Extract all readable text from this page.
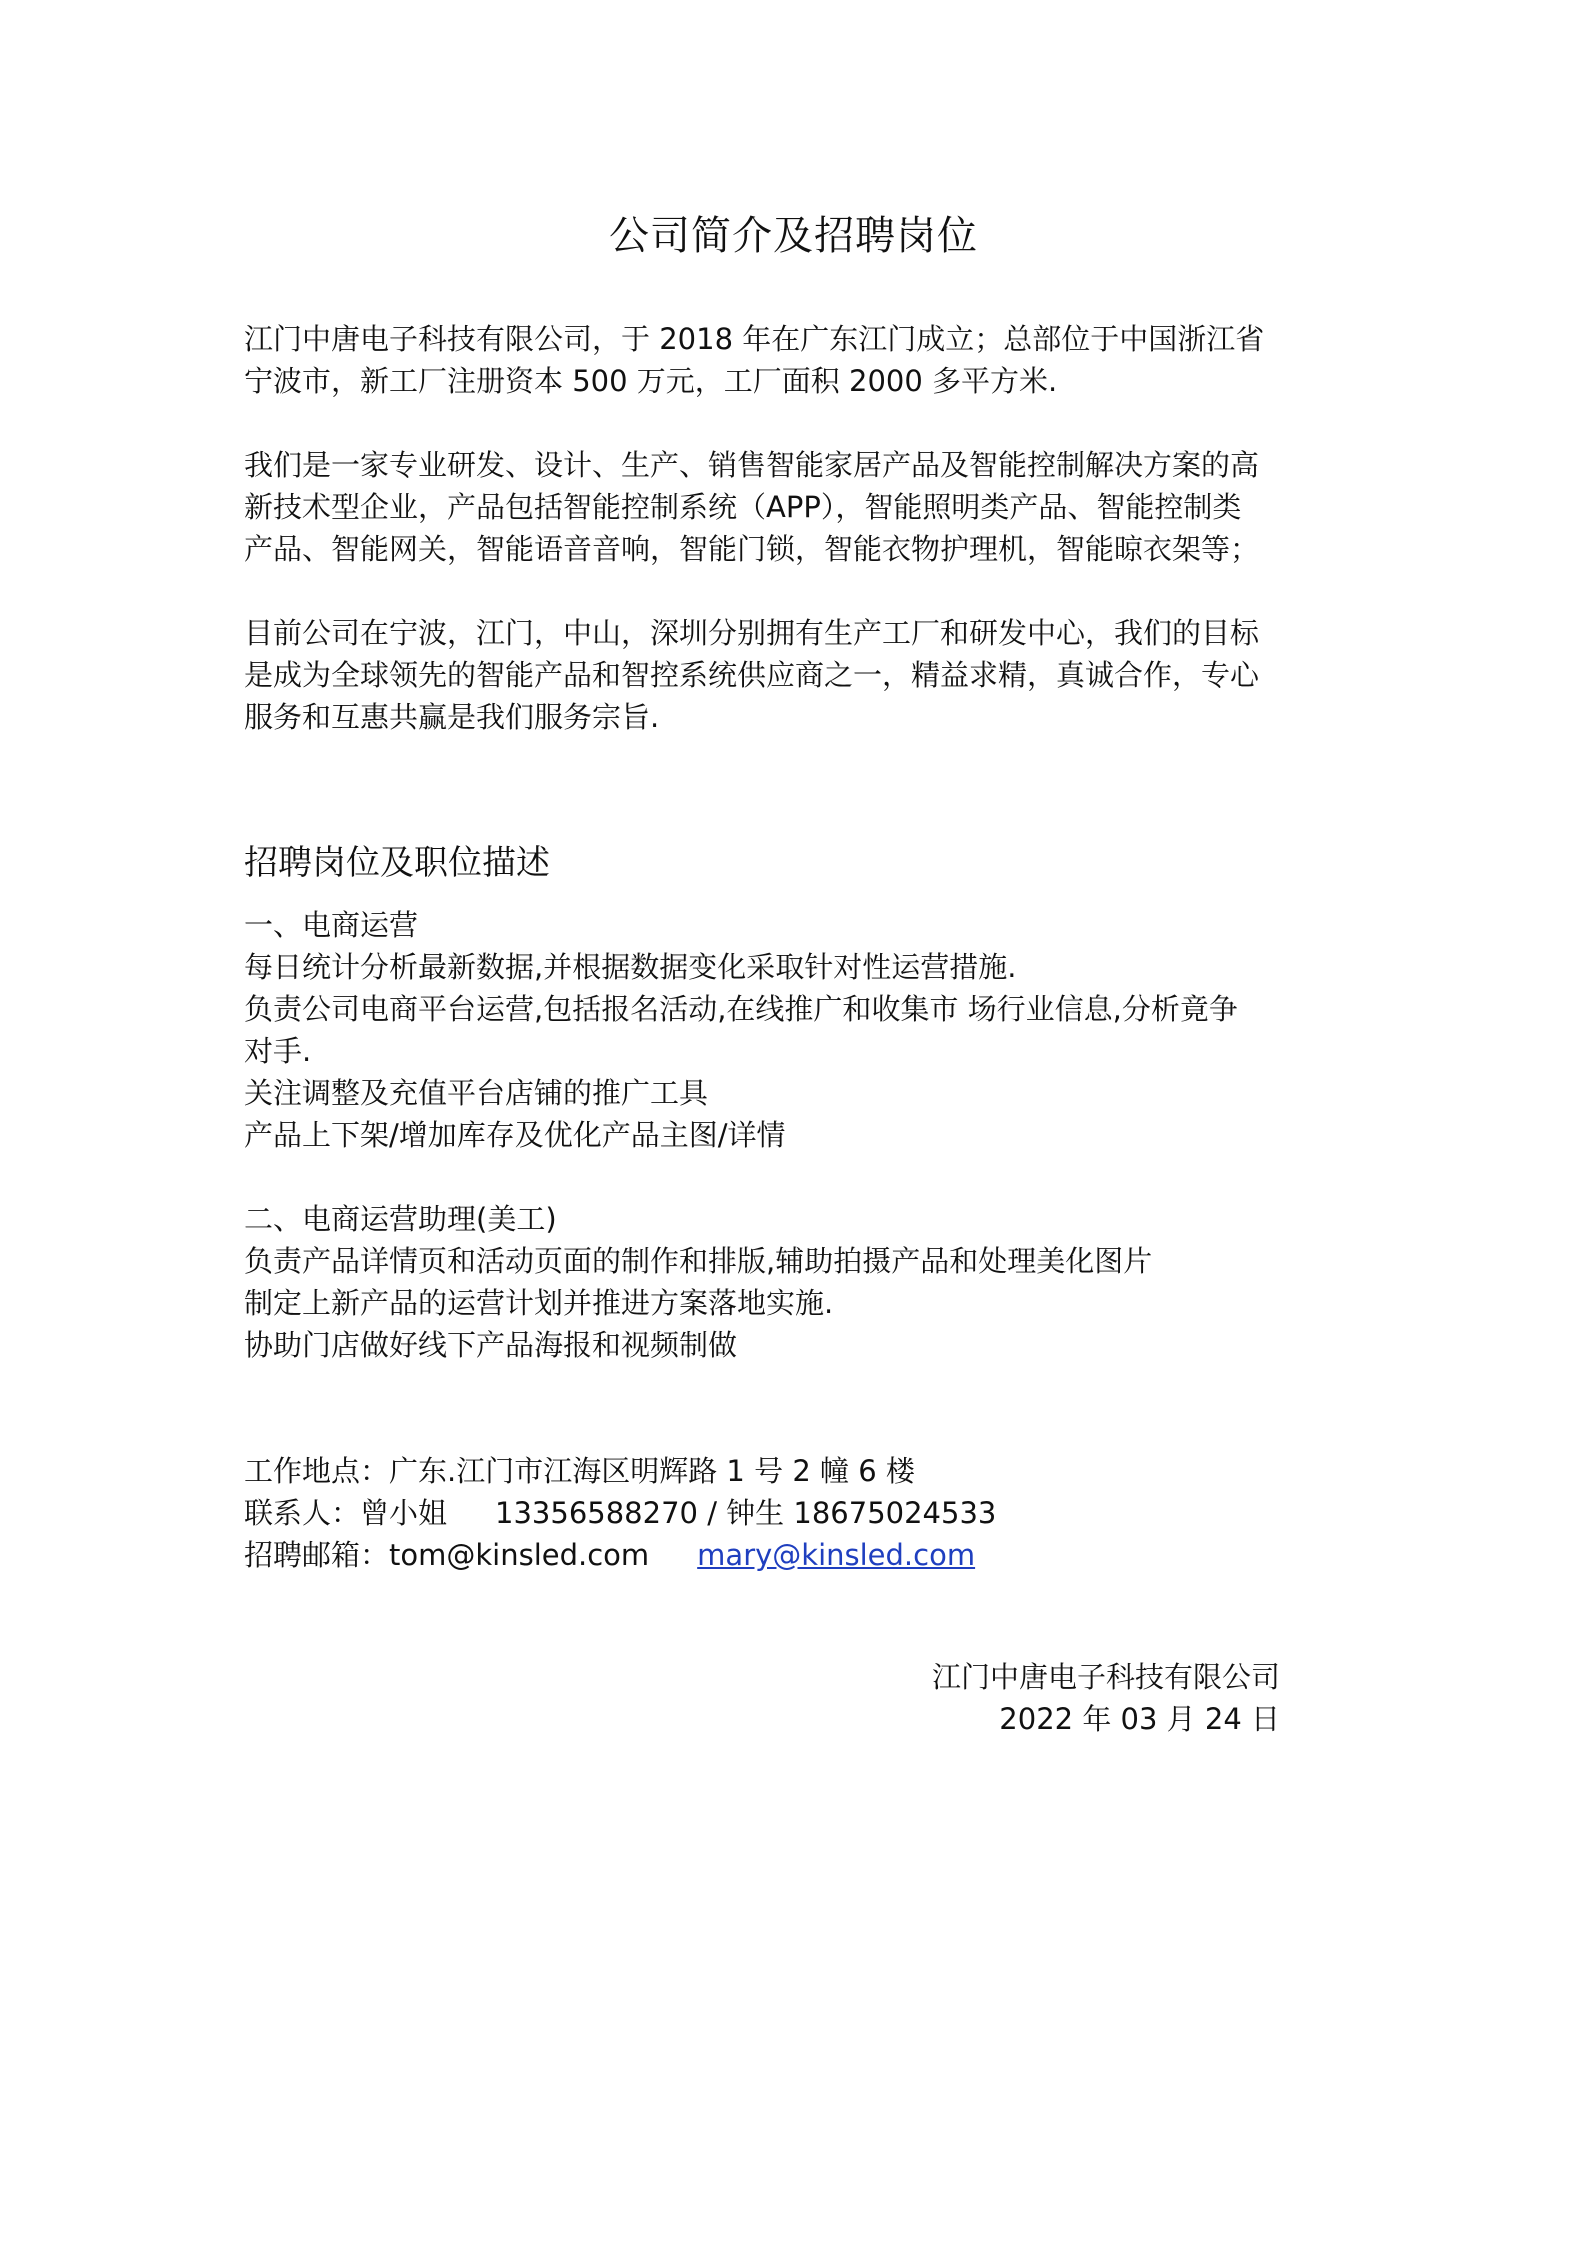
公司简介及招聘岗位
江门中唐电子科技有限公司，于 2018 年在广东江门成立；总部位于中国浙江省
宁波市，新工厂注册资本 500 万元，工厂面积 2000 多平方米.
我们是一家专业研发、设计、生产、销售智能家居产品及智能控制解决方案的高
新技术型企业，产品包括智能控制系统（APP），智能照明类产品、智能控制类
产品、智能网关，智能语音音响，智能门锁，智能衣物护理机，智能晾衣架等；
目前公司在宁波，江门，中山，深圳分别拥有生产工厂和研发中心，我们的目标
是成为全球领先的智能产品和智控系统供应商之一，精益求精，真诚合作，专心
服务和互惠共赢是我们服务宗旨.
招聘岗位及职位描述
一、电商运营
每日统计分析最新数据,并根据数据变化采取针对性运营措施.
负责公司电商平台运营,包括报名活动,在线推广和收集市 场行业信息,分析竟争
对手.
关注调整及充值平台店铺的推广工具
产品上下架/增加库存及优化产品主图/详情
二、电商运营助理(美工)
负责产品详情页和活动页面的制作和排版,辅助拍摄产品和处理美化图片
制定上新产品的运营计划并推进方案落地实施.
协助门店做好线下产品海报和视频制做
工作地点：广东.江门市江海区明辉路 1 号 2 幢 6 楼
联系人：曾小姐 13356588270 / 钟生 18675024533
招聘邮箱：tom@kinsled.com mary@kinsled.com
江门中唐电子科技有限公司
2022 年 03 月 24 日
